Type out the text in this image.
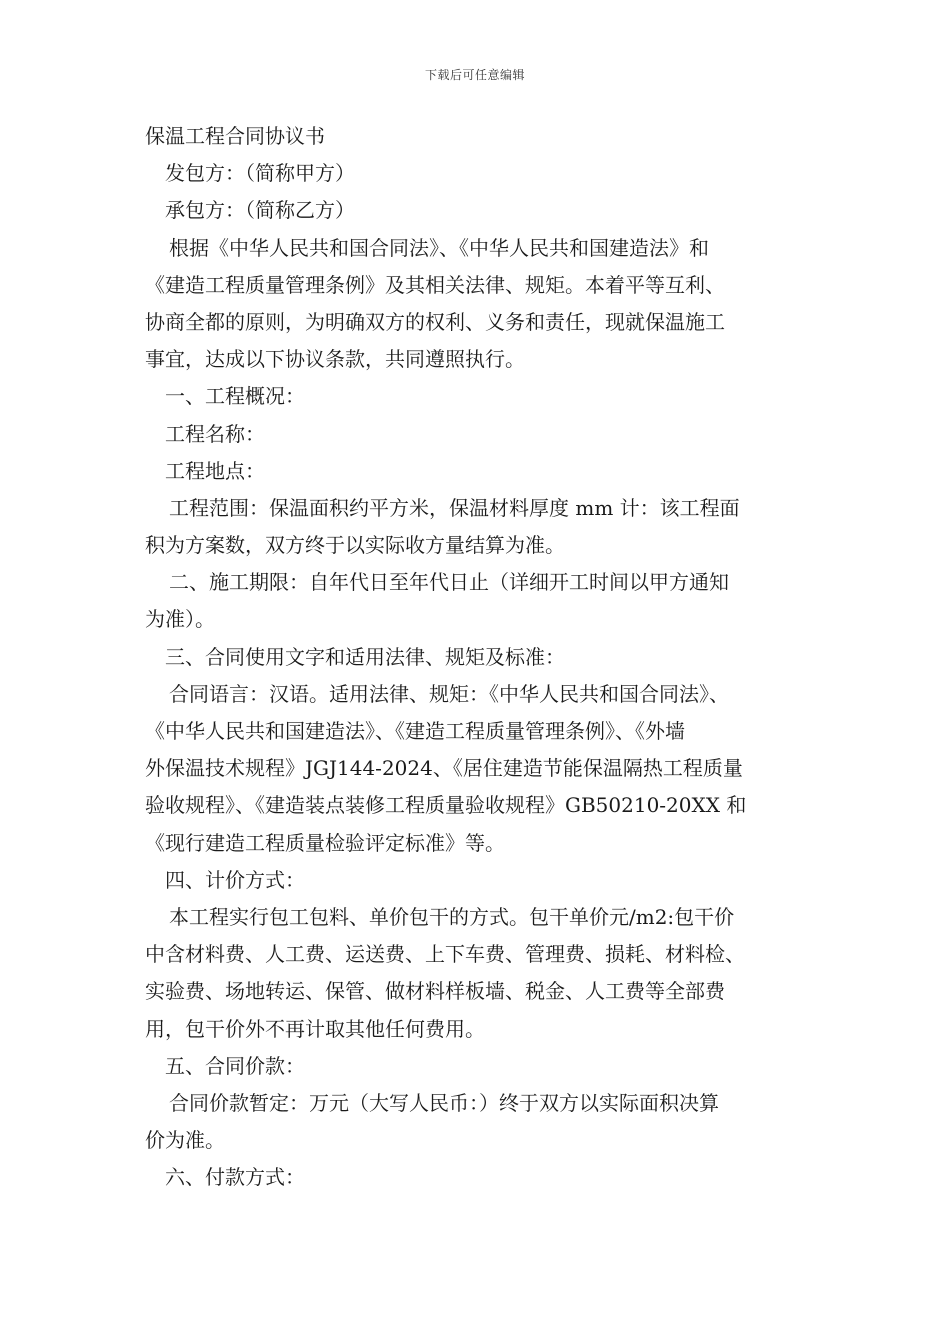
下载后可任意编辑
保温工程合同协议书
发包方：（简称甲方）
承包方：（简称乙方）
根据《中华人民共和国合同法》、《中华人民共和国建造法》和
《建造工程质量管理条例》及其相关法律、规矩。本着平等互利、
协商全都的原则，为明确双方的权利、义务和责任，现就保温施工
事宜，达成以下协议条款，共同遵照执行。
一、工程概况：
工程名称：
工程地点：
工程范围：保温面积约平方米，保温材料厚度 mm 计：该工程面
积为方案数，双方终于以实际收方量结算为准。
二、施工期限：自年代日至年代日止（详细开工时间以甲方通知
为准）。
三、合同使用文字和适用法律、规矩及标准：
合同语言：汉语。适用法律、规矩：《中华人民共和国合同法》、
《中华人民共和国建造法》、《建造工程质量管理条例》、《外墙
外保温技术规程》JGJ144-2024、《居住建造节能保温隔热工程质量
验收规程》、《建造装点装修工程质量验收规程》GB50210-20XX 和
《现行建造工程质量检验评定标准》等。
四、计价方式：
本工程实行包工包料、单价包干的方式。包干单价元/m2:包干价
中含材料费、人工费、运送费、上下车费、管理费、损耗、材料检、
实验费、场地转运、保管、做材料样板墙、税金、人工费等全部费
用，包干价外不再计取其他任何费用。
五、合同价款：
合同价款暂定：万元（大写人民币：）终于双方以实际面积决算
价为准。
六、付款方式：
